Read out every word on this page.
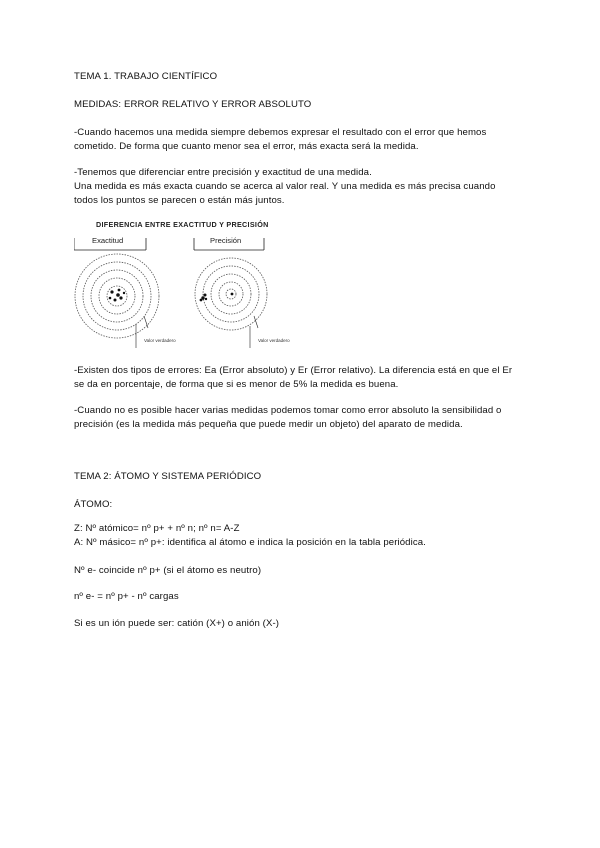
TEMA 1. TRABAJO CIENTÍFICO
MEDIDAS: ERROR RELATIVO Y ERROR ABSOLUTO
-Cuando hacemos una medida siempre debemos expresar el resultado con el error que hemos
cometido. De forma que cuanto menor sea el error, más exacta será la medida.
-Tenemos que diferenciar entre precisión y exactitud de una medida.
Una medida es más exacta cuando se acerca al valor real. Y una medida es más precisa cuando
todos los puntos se parecen o están más juntos.
DIFERENCIA ENTRE EXACTITUD Y PRECISIÓN
Exactitud	Precisión
Valor verdadero	Valor verdadero
-Existen dos tipos de errores: Ea (Error absoluto) y Er (Error relativo). La diferencia está en que el Er
se da en porcentaje, de forma que si es menor de 5% la medida es buena.
-Cuando no es posible hacer varias medidas podemos tomar como error absoluto la sensibilidad o
precisión (es la medida más pequeña que puede medir un objeto) del aparato de medida.
TEMA 2: ÁTOMO Y SISTEMA PERIÓDICO
ÁTOMO:
Z: Nº atómico= nº p+ + nº n; nº n= A-Z
A: Nº másico= nº p+: identifica al átomo e indica la posición en la tabla periódica.
Nº e- coincide nº p+ (si el átomo es neutro)
nº e- = nº p+ - nº cargas
Si es un ión puede ser: catión (X+) o anión (X-)
